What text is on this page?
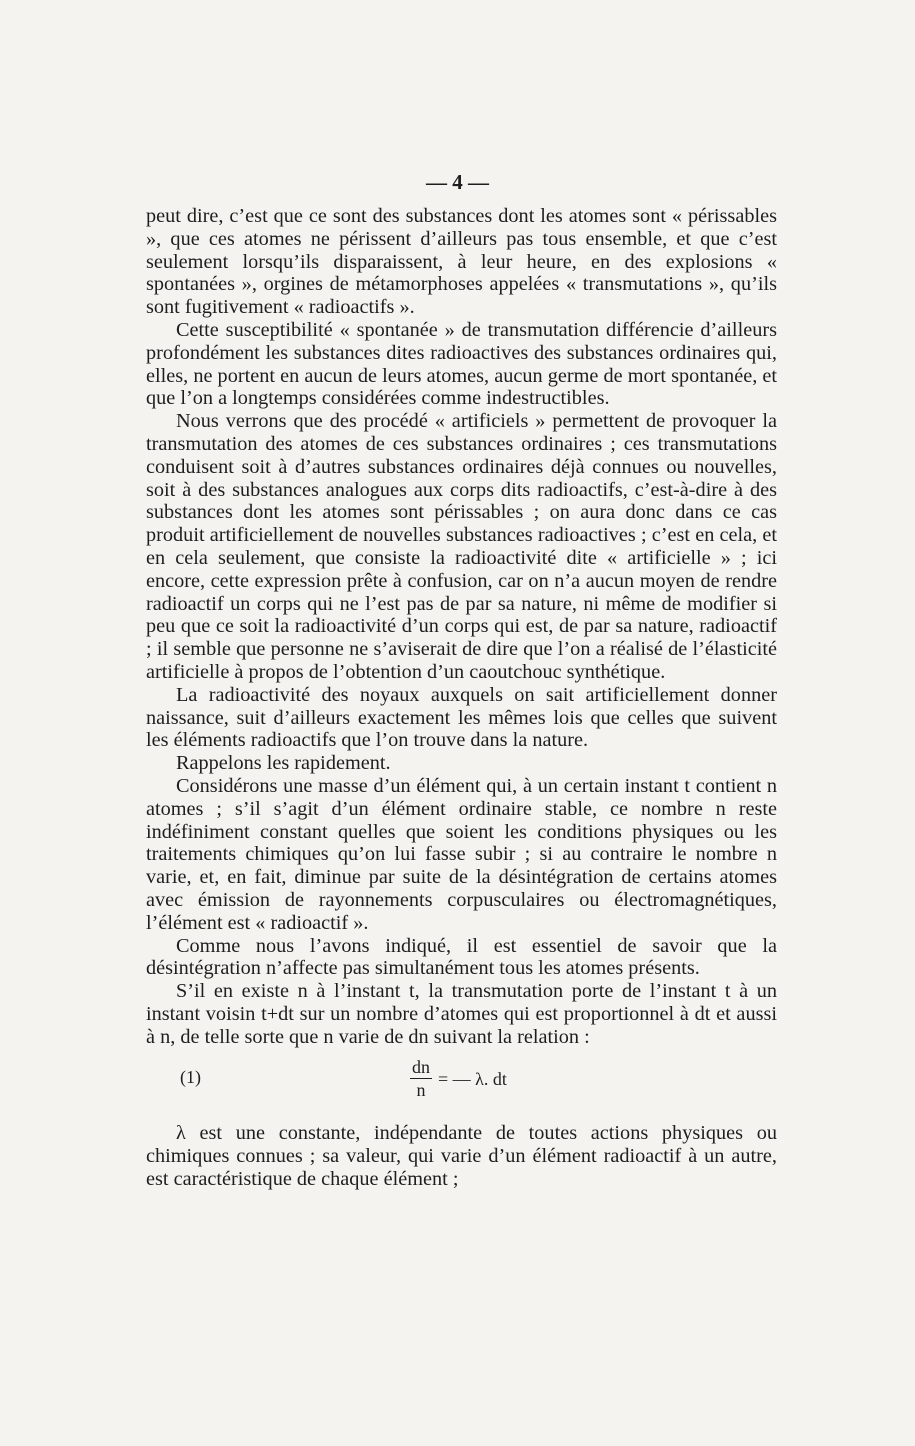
— 4 —

peut dire, c’est que ce sont des substances dont les atomes sont « périssables », que ces atomes ne périssent d’ailleurs pas tous ensemble, et que c’est seulement lorsqu’ils disparaissent, à leur heure, en des explosions « spontanées », orgines de métamorphoses appelées « transmutations », qu’ils sont fugitivement « radioactifs ».

Cette susceptibilité « spontanée » de transmutation différencie d’ailleurs profondément les substances dites radioactives des substances ordinaires qui, elles, ne portent en aucun de leurs atomes, aucun germe de mort spontanée, et que l’on a longtemps considérées comme indestructibles.

Nous verrons que des procédé « artificiels » permettent de provoquer la transmutation des atomes de ces substances ordinaires ; ces transmutations conduisent soit à d’autres substances ordinaires déjà connues ou nouvelles, soit à des substances analogues aux corps dits radioactifs, c’est-à-dire à des substances dont les atomes sont périssables ; on aura donc dans ce cas produit artificiellement de nouvelles substances radioactives ; c’est en cela, et en cela seulement, que consiste la radioactivité dite « artificielle » ; ici encore, cette expression prête à confusion, car on n’a aucun moyen de rendre radioactif un corps qui ne l’est pas de par sa nature, ni même de modifier si peu que ce soit la radioactivité d’un corps qui est, de par sa nature, radioactif ; il semble que personne ne s’aviserait de dire que l’on a réalisé de l’élasticité artificielle à propos de l’obtention d’un caoutchouc synthétique.

La radioactivité des noyaux auxquels on sait artificiellement donner naissance, suit d’ailleurs exactement les mêmes lois que celles que suivent les éléments radioactifs que l’on trouve dans la nature.

Rappelons les rapidement.

Considérons une masse d’un élément qui, à un certain instant t contient n atomes ; s’il s’agit d’un élément ordinaire stable, ce nombre n reste indéfiniment constant quelles que soient les conditions physiques ou les traitements chimiques qu’on lui fasse subir ; si au contraire le nombre n varie, et, en fait, diminue par suite de la désintégration de certains atomes avec émission de rayonnements corpusculaires ou électromagnétiques, l’élément est « radioactif ».

Comme nous l’avons indiqué, il est essentiel de savoir que la désintégration n’affecte pas simultanément tous les atomes présents.

S’il en existe n à l’instant t, la transmutation porte de l’instant t à un instant voisin t+dt sur un nombre d’atomes qui est proportionnel à dt et aussi à n, de telle sorte que n varie de dn suivant la relation :

(1)	$\frac{dn}{n}$ = — λ. dt

λ est une constante, indépendante de toutes actions physiques ou chimiques connues ; sa valeur, qui varie d’un élément radioactif à un autre, est caractéristique de chaque élément ;
